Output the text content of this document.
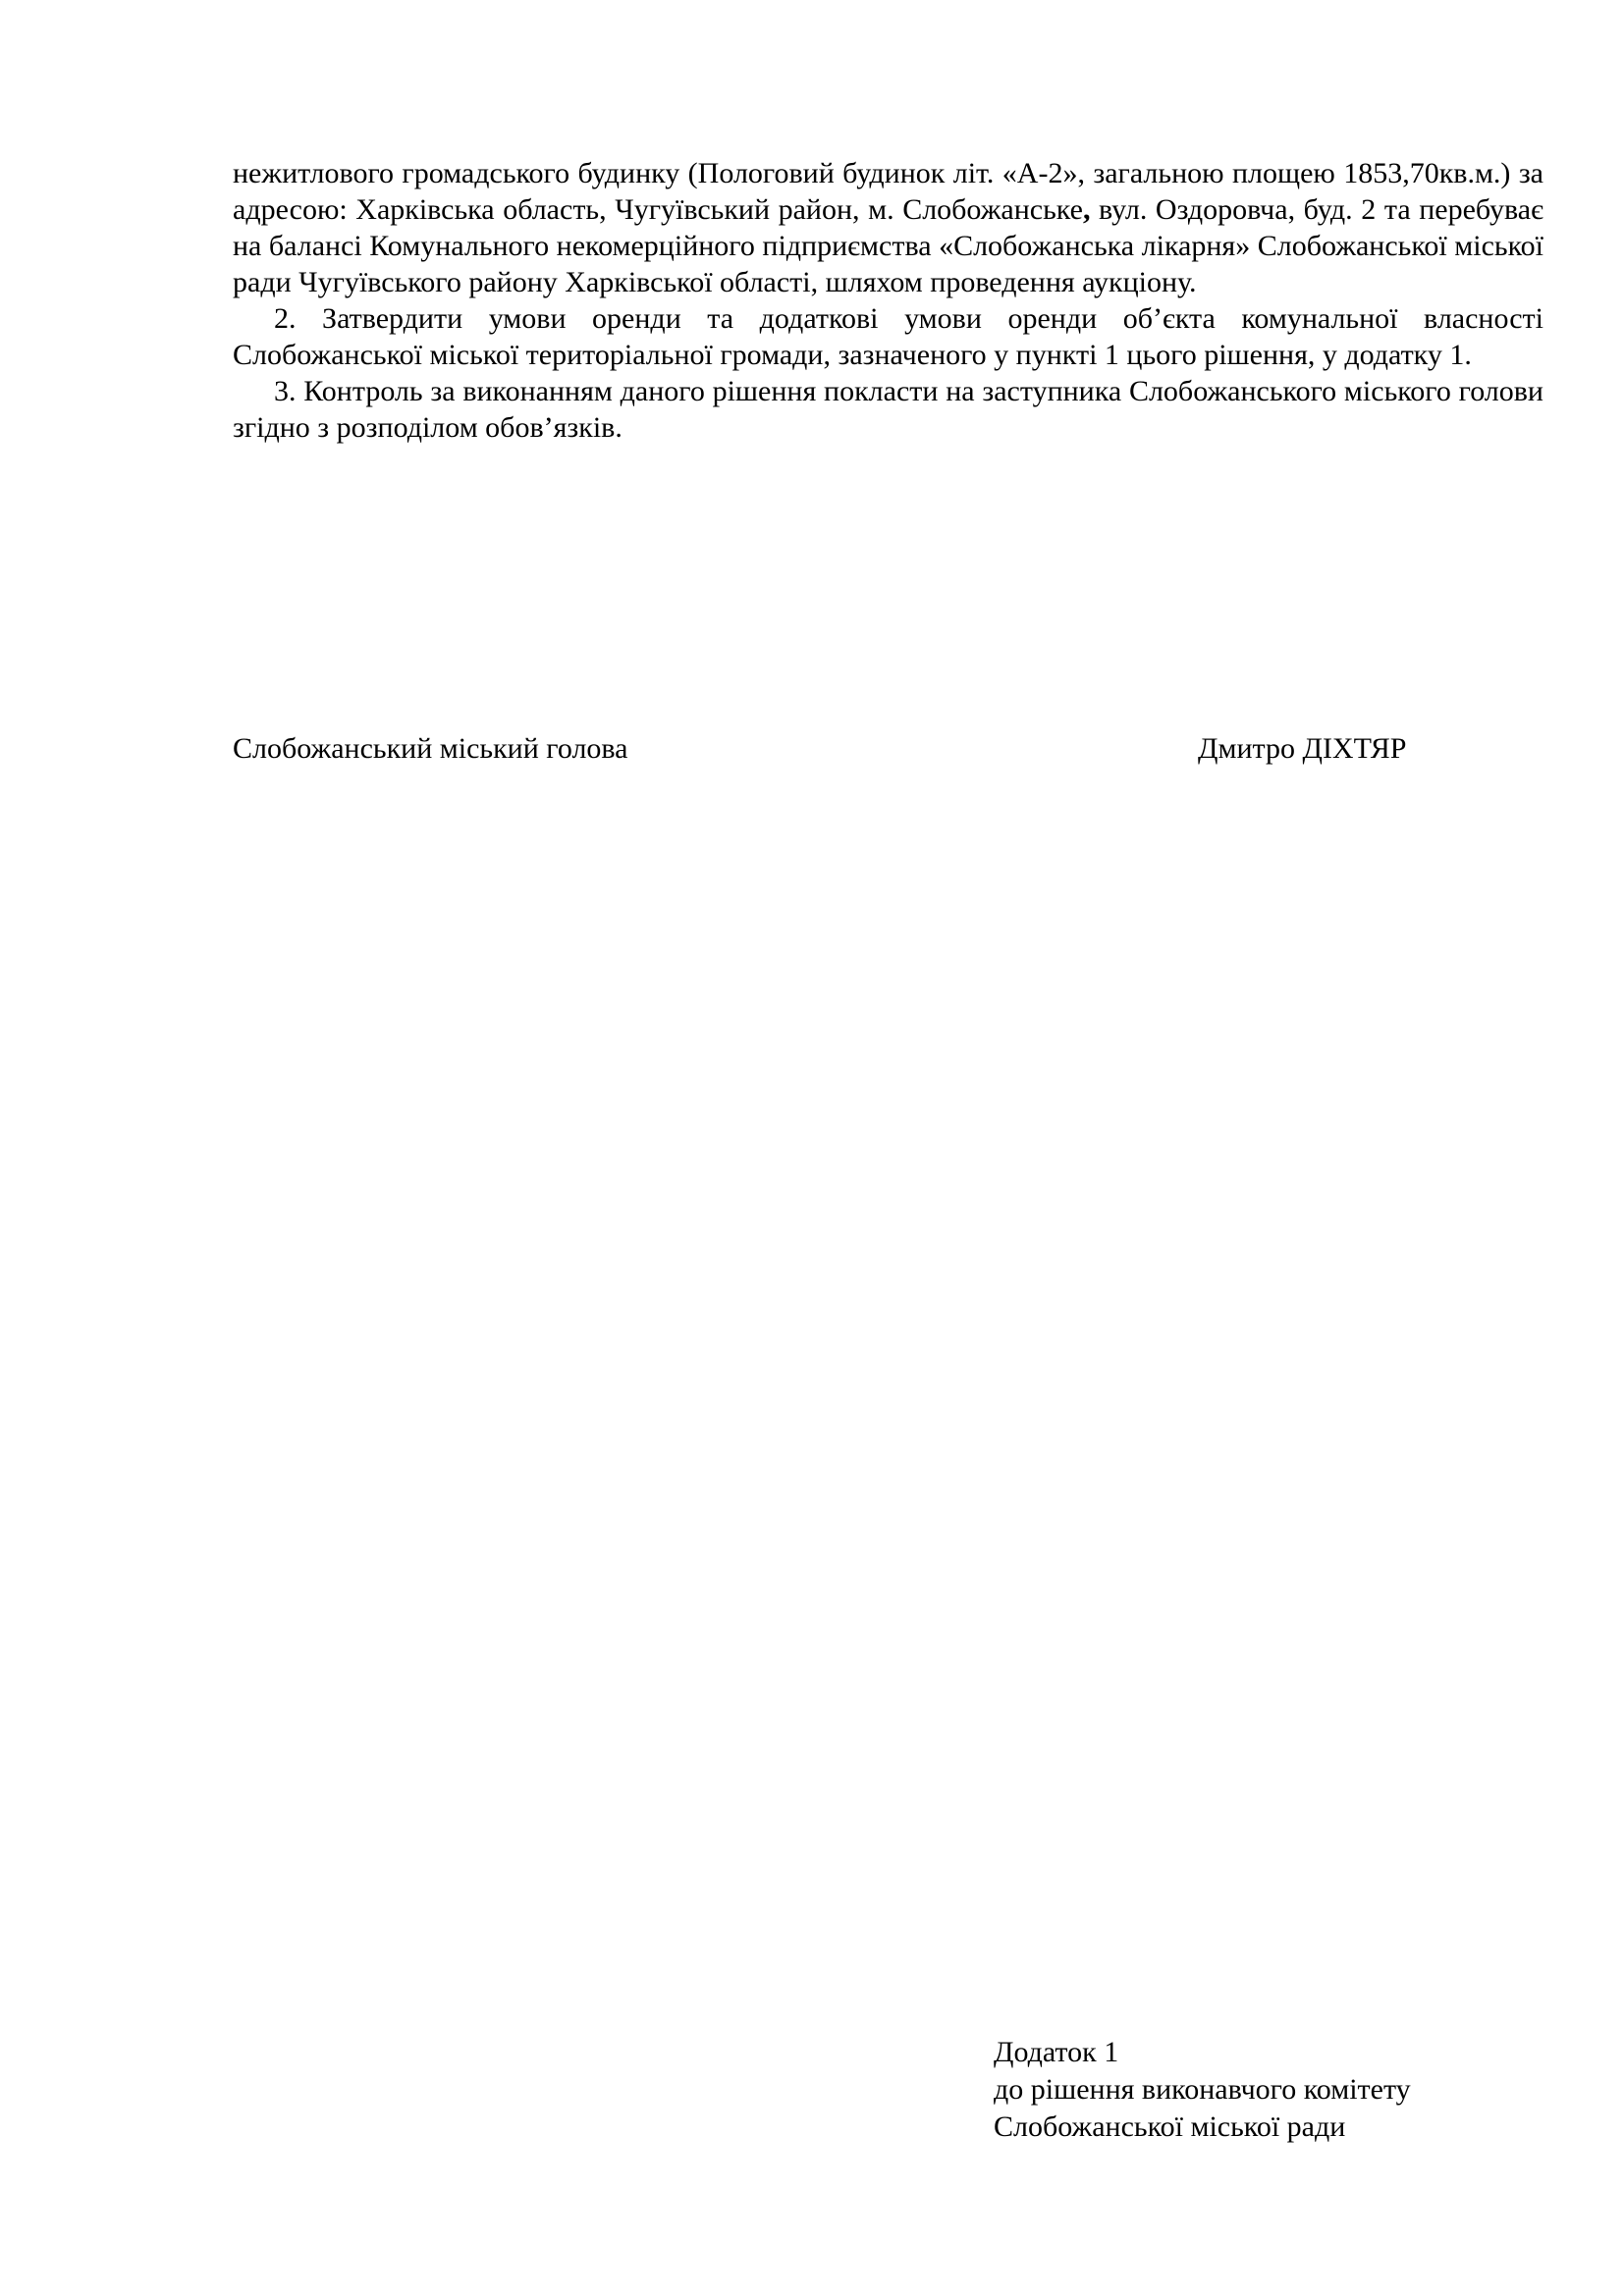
нежитлового громадського будинку (Пологовий будинок літ. «А-2», загальною площею 1853,70кв.м.) за адресою: Харківська область, Чугуївський район, м. Слобожанське, вул. Оздоровча, буд. 2 та перебуває на балансі Комунального некомерційного підприємства «Слобожанська лікарня» Слобожанської міської ради Чугуївського району Харківської області, шляхом проведення аукціону.

2. Затвердити умови оренди та додаткові умови оренди об’єкта комунальної власності Слобожанської міської територіальної громади, зазначеного у пункті 1 цього рішення, у додатку 1.

3. Контроль за виконанням даного рішення покласти на заступника Слобожанського міського голови згідно з розподілом обов’язків.

Слобожанський міський голова	Дмитро ДІХТЯР
Додаток 1
до рішення виконавчого комітету
Слобожанської міської ради
